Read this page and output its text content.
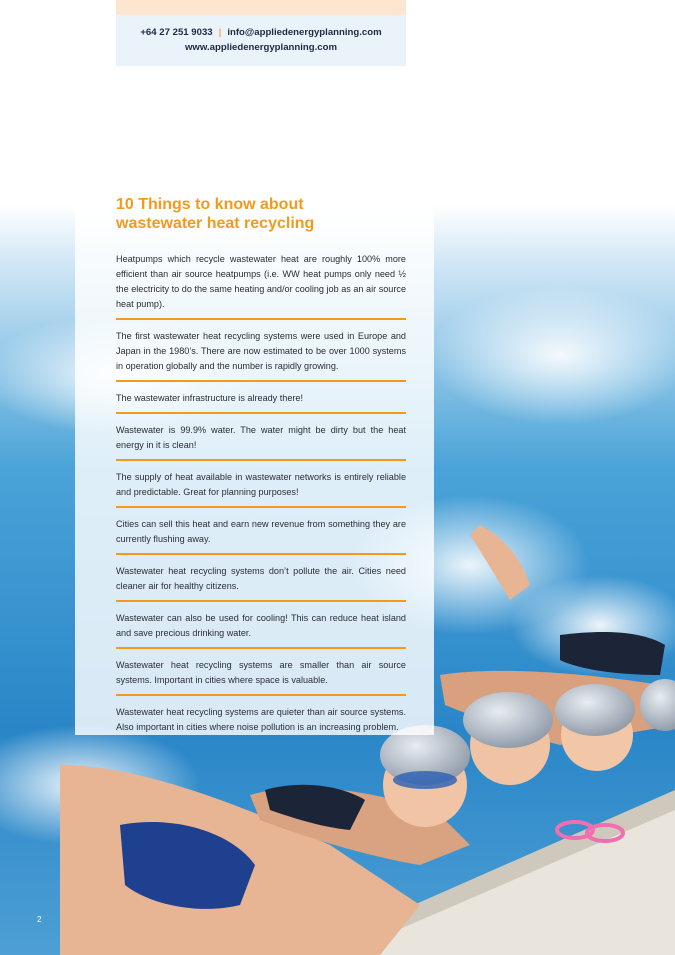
+64 27 251 9033 | info@appliedenergyplanning.com
www.appliedenergyplanning.com
10 Things to know about
wastewater heat recycling
Heatpumps which recycle wastewater heat are roughly 100% more efficient than air source heatpumps (i.e. WW heat pumps only need ½ the electricity to do the same heating and/or cooling job as an air source heat pump).
The first wastewater heat recycling systems were used in Europe and Japan in the 1980’s. There are now estimated to be over 1000 systems in operation globally and the number is rapidly growing.
The wastewater infrastructure is already there!
Wastewater is 99.9% water. The water might be dirty but the heat energy in it is clean!
The supply of heat available in wastewater networks is entirely reliable and predictable. Great for planning purposes!
Cities can sell this heat and earn new revenue from something they are currently flushing away.
Wastewater heat recycling systems don’t pollute the air. Cities need cleaner air for healthy citizens.
Wastewater can also be used for cooling! This can reduce heat island and save precious drinking water.
Wastewater heat recycling systems are smaller than air source systems. Important in cities where space is valuable.
Wastewater heat recycling systems are quieter than air source systems. Also important in cities where noise pollution is an increasing problem.
2
